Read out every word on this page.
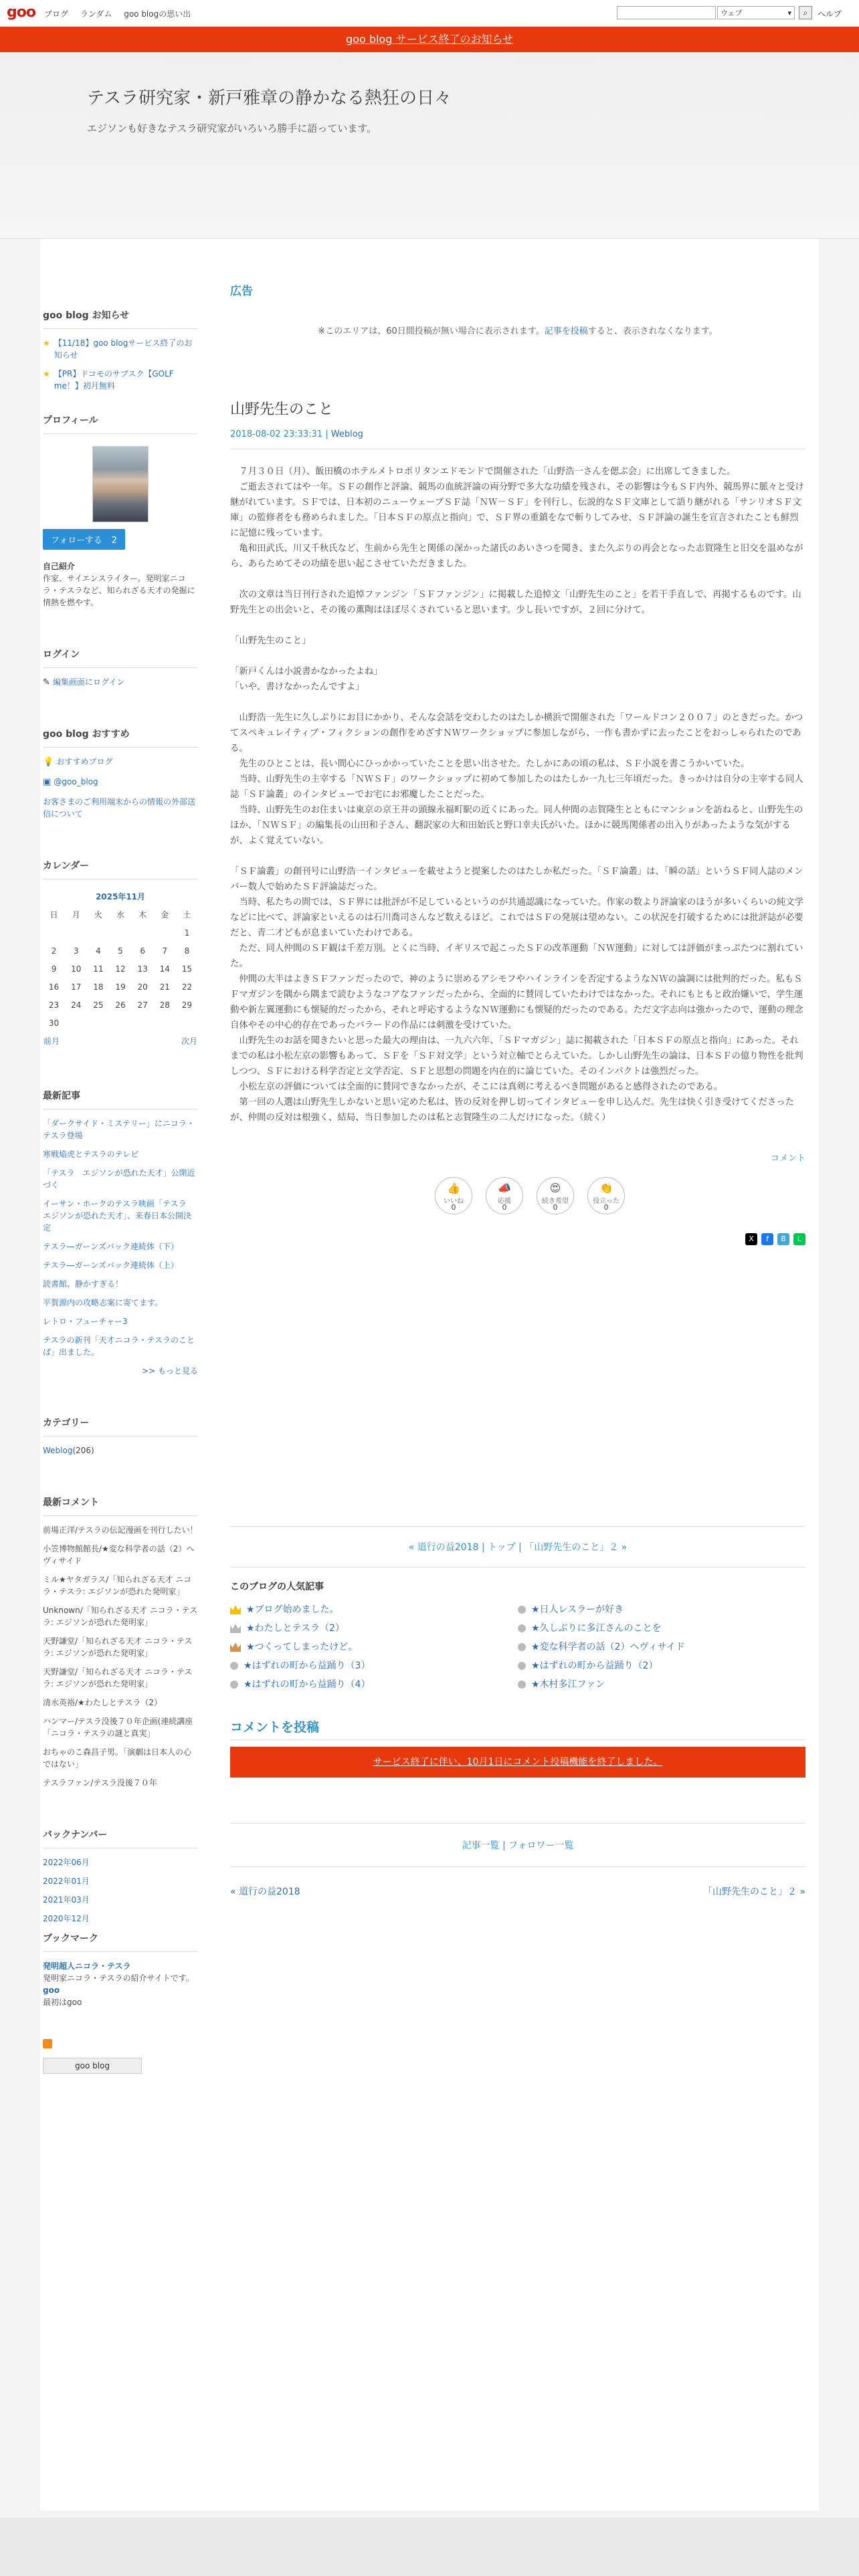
goo ブログ ランダム goo blogの思い出	ウェブ ▾	⌕	ヘルプ
goo blog サービス終了のお知らせ
テスラ研究家・新戸雅章の静かなる熱狂の日々
エジソンも好きなテスラ研究家がいろいろ勝手に語っています。
goo blog お知らせ
★ 【11/18】goo blogサービス終了のお知らせ
★ 【PR】ドコモのサブスク【GOLF me！】初月無料
プロフィール
フォローする 2
自己紹介
作家、サイエンスライター。発明家ニコラ・テスラなど、知られざる天才の発掘に情熱を燃やす。
ログイン
✎ 編集画面にログイン
goo blog おすすめ
💡 おすすめブログ
▣ @goo_blog
お客さまのご利用端末からの情報の外部送信について
カレンダー
2025年11月						
日	月	火	水	木	金	土
						1
2	3	4	5	6	7	8
9	10	11	12	13	14	15
16	17	18	19	20	21	22
23	24	25	26	27	28	29
30						
前月				次月		
最新記事
「ダークサイド・ミステリー」にニコラ・テスラ登場
寒戦焔虎とテスラのテレビ
「テスラ　エジソンが恐れた天才」公開近づく
イーサン・ホークのテスラ映画「テスラ　エジソンが恐れた天才」、来春日本公開決定
テスラ―ガーンズバック連続体（下）
テスラ―ガーンズバック連続体（上）
読書館、静かすぎる！
平賀源内の攻略志案に寄てます。
レトロ・フューチャー3
テスラの新刊「天才ニコラ・テスラのことば」出ました。
>> もっと見る
カテゴリー
Weblog(206)
最新コメント
前場正洋/テスラの伝記漫画を刊行したい！
小笠博物館館長/★変な科学者の話（2）ヘヴィサイド
ミル★ヤタガラス/「知られざる天才 ニコラ・テスラ: エジソンが恐れた発明家」
Unknown/「知られざる天才 ニコラ・テスラ: エジソンが恐れた発明家」
天野謙堂/「知られざる天才 ニコラ・テスラ: エジソンが恐れた発明家」
天野謙堂/「知られざる天才 ニコラ・テスラ: エジソンが恐れた発明家」
清水英裕/★わたしとテスラ（2）
ハンマー/テスラ没後７０年企画(連続講座「ニコラ・テスラの謎と真実」
おちゃのこ森昌子男。「演劇は日本人の心ではない」
テスラファン/テスラ没後７０年
バックナンバー
2022年06月
2022年01月
2021年03月
2020年12月
ブックマーク
発明超人ニコラ・テスラ
発明家ニコラ・テスラの紹介サイトです。
goo
最初はgoo
goo blog
広告
※このエリアは、60日間投稿が無い場合に表示されます。記事を投稿すると、表示されなくなります。
山野先生のこと
2018-08-02 23:33:31 | Weblog
　７月３０日（月）、飯田橋のホテルメトロポリタンエドモンドで開催された「山野浩一さんを偲ぶ会」に出席してきました。
　ご逝去されてはや一年。ＳＦの創作と評論、競馬の血統評論の両分野で多大な功績を残され、その影響は今もＳＦ内外、競馬界に脈々と受け継がれています。ＳＦでは、日本初のニューウェーブＳＦ誌「ＮＷ－ＳＦ」を刊行し、伝説的なＳＦ文庫として語り継がれる「サンリオＳＦ文庫」の監修者をも務められました。「日本ＳＦの原点と指向」で、ＳＦ界の重鎮をなで斬りしてみせ、ＳＦ評論の誕生を宣言されたことも鮮烈に記憶に残っています。
　亀和田武氏、川又千秋氏など、生前から先生と関係の深かった諸氏のあいさつを聞き、また久ぶりの再会となった志賀隆生と旧交を温めながら、あらためてその功績を思い起こさせていただきました。

　次の文章は当日刊行された追悼ファンジン「ＳＦファンジン」に掲載した追悼文「山野先生のこと」を若干手直しで、再掲するものです。山野先生との出会いと、その後の薫陶はほぼ尽くされていると思います。少し長いですが、２回に分けて。

「山野先生のこと」

「新戸くんは小説書かなかったよね」
「いや、書けなかったんですよ」

　山野浩一先生に久しぶりにお目にかかり、そんな会話を交わしたのはたしか横浜で開催された「ワールドコン２００７」のときだった。かつてスペキュレイティブ・フィクションの創作をめざすＮＷワークショップに参加しながら、一作も書かずに去ったことをおっしゃられたのである。
　先生のひとことは、長い間心にひっかかっていたことを思い出させた。たしかにあの頃の私は、ＳＦ小説を書こうかいていた。
　当時、山野先生の主宰する「ＮＷＳＦ」のワークショップに初めて参加したのはたしか一九七三年頃だった。きっかけは自分の主宰する同人誌「ＳＦ論叢」のインタビューでお宅にお邪魔したことだった。
　当時、山野先生のお住まいは東京の京王井の頭線永福町駅の近くにあった。同人仲間の志賀隆生とともにマンションを訪ねると、山野先生のほか、「ＮＷＳＦ」の編集長の山田和子さん、翻訳家の大和田始氏と野口幸夫氏がいた。ほかに競馬関係者の出入りがあったような気がするが、よく覚えていない。

「ＳＦ論叢」の創刊号に山野浩一インタビューを載せようと提案したのはたしか私だった。「ＳＦ論叢」は、「瞬の話」というＳＦ同人誌のメンバー数人で始めたＳＦ評論誌だった。
　当時、私たちの間では、ＳＦ界には批評が不足しているというのが共通認識になっていた。作家の数より評論家のほうが多いくらいの純文学などに比べて、評論家といえるのは石川喬司さんなど数えるほど。これではＳＦの発展は望めない。この状況を打破するためには批評誌が必要だと、青二才どもが息まいていたわけである。
　ただ、同人仲間のＳＦ観は千差万別。とくに当時、イギリスで起こったＳＦの改革運動「ＮＷ運動」に対しては評価がまっぷたつに割れていた。
　仲間の大半はよきＳＦファンだったので、神のように崇めるアシモフやハインラインを否定するようなＮＷの論調には批判的だった。私もＳＦマガジンを隅から隅まで読むようなコアなファンだったから、全面的に賛同していたわけではなかった。それにもともと政治嫌いで、学生運動や新左翼運動にも懐疑的だったから、それと呼応するようなＮＷ運動にも懐疑的だったのである。ただ文字志向は強かったので、運動の理念自体やその中心的存在であったバラードの作品には刺激を受けていた。
　山野先生のお話を聞きたいと思った最大の理由は、一九六六年、「ＳＦマガジン」誌に掲載された「日本ＳＦの原点と指向」にあった。それまでの私は小松左京の影響もあって、ＳＦを「ＳＦ対文学」という対立軸でとらえていた。しかし山野先生の論は、日本ＳＦの億り物性を批判しつつ、ＳＦにおける科学否定と文学否定、ＳＦと思想の問題を内在的に論じていた。そのインパクトは強烈だった。
　小松左京の評価については全面的に賛同できなかったが、そこには真剣に考えるべき問題があると感得されたのである。
　第一回の人選は山野先生しかないと思い定めた私は、皆の反対を押し切ってインタビューを申し込んだ。先生は快く引き受けてくださったが、仲間の反対は根強く、結局、当日参加したのは私と志賀隆生の二人だけになった。（続く）
コメント
👍
いいね
0
📣
応援
0
😍
続き希望
0
👏
役立った
0
X	f	B	L
« 道行の益2018 | トップ | 「山野先生のこと」２ »
このブログの人気記事
★ブログ始めました。	★日人レスラーが好き
★わたしとテスラ（2）	★久しぶりに多江さんのことを
★つくってしまったけど。	★変な科学者の話（2）ヘヴィサイド
★はずれの町から益踊り（3）	★はずれの町から益踊り（2）
★はずれの町から益踊り（4）	★木村多江ファン
コメントを投稿
サービス終了に伴い、10月1日にコメント投稿機能を終了しました。
記事一覧 | フォロワー一覧
« 道行の益2018	「山野先生のこと」２ »
